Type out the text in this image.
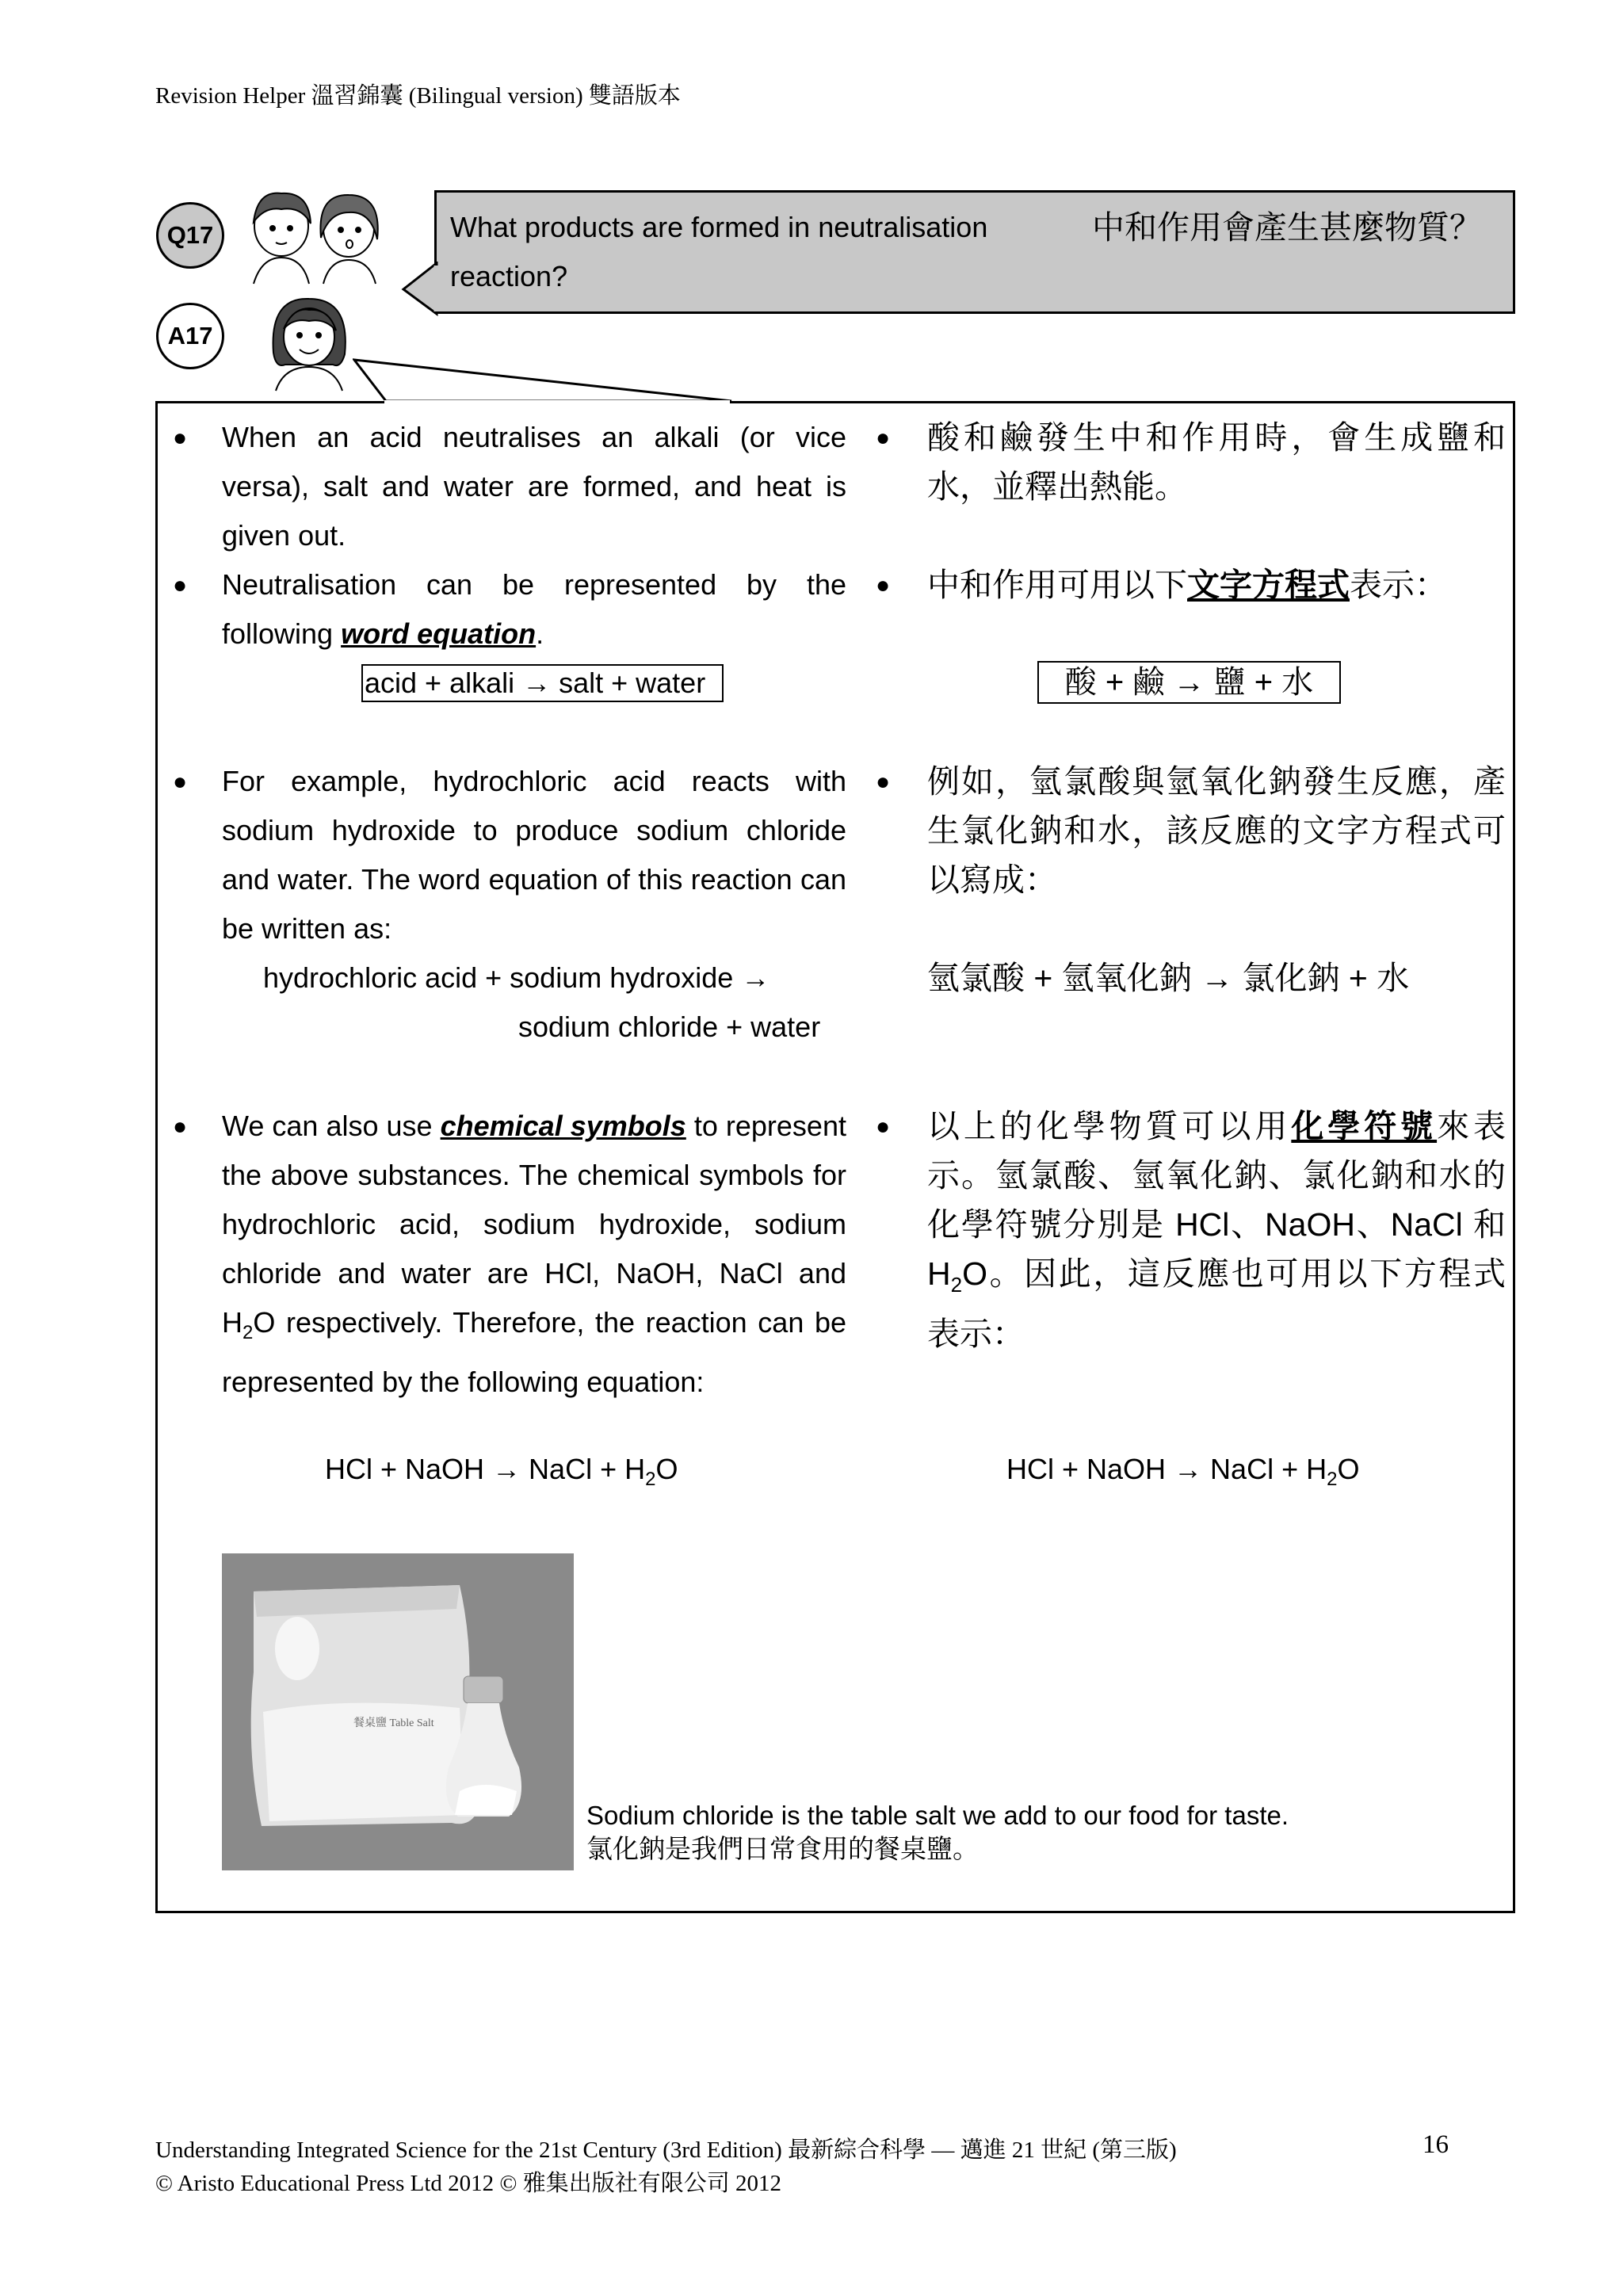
Revision Helper 溫習錦囊 (Bilingual version) 雙語版本
Q17	What products are formed in neutralisation reaction?
中和作用會產生甚麼物質？
A17
● When an acid neutralises an alkali (or vice versa), salt and water are formed, and heat is given out.
● 酸和鹼發生中和作用時，會生成鹽和水，並釋出熱能。
● Neutralisation can be represented by the following word equation.
● 中和作用可用以下文字方程式表示：
acid + alkali → salt + water	酸 + 鹼 → 鹽 + 水
● For example, hydrochloric acid reacts with sodium hydroxide to produce sodium chloride and water. The word equation of this reaction can be written as:
● 例如，氫氯酸與氫氧化鈉發生反應，產生氯化鈉和水，該反應的文字方程式可以寫成：
hydrochloric acid + sodium hydroxide →
sodium chloride + water
氫氯酸 + 氫氧化鈉 → 氯化鈉 + 水
● We can also use chemical symbols to represent the above substances. The chemical symbols for hydrochloric acid, sodium hydroxide, sodium chloride and water are HCl, NaOH, NaCl and $H_2O$ respectively. Therefore, the reaction can be represented by the following equation:
● 以上的化學物質可以用化學符號來表示。氫氯酸、氫氧化鈉、氯化鈉和水的化學符號分別是 HCl、NaOH、NaCl 和 $H_2O$。因此，這反應也可用以下方程式表示：
HCl + NaOH → NaCl + $H_2O$	HCl + NaOH → NaCl + $H_2O$
餐桌鹽 Table Salt
Sodium chloride is the table salt we add to our food for taste.
氯化鈉是我們日常食用的餐桌鹽。
Understanding Integrated Science for the 21st Century (3rd Edition) 最新綜合科學 — 邁進 21 世紀 (第三版)
© Aristo Educational Press Ltd 2012 © 雅集出版社有限公司 2012
16
